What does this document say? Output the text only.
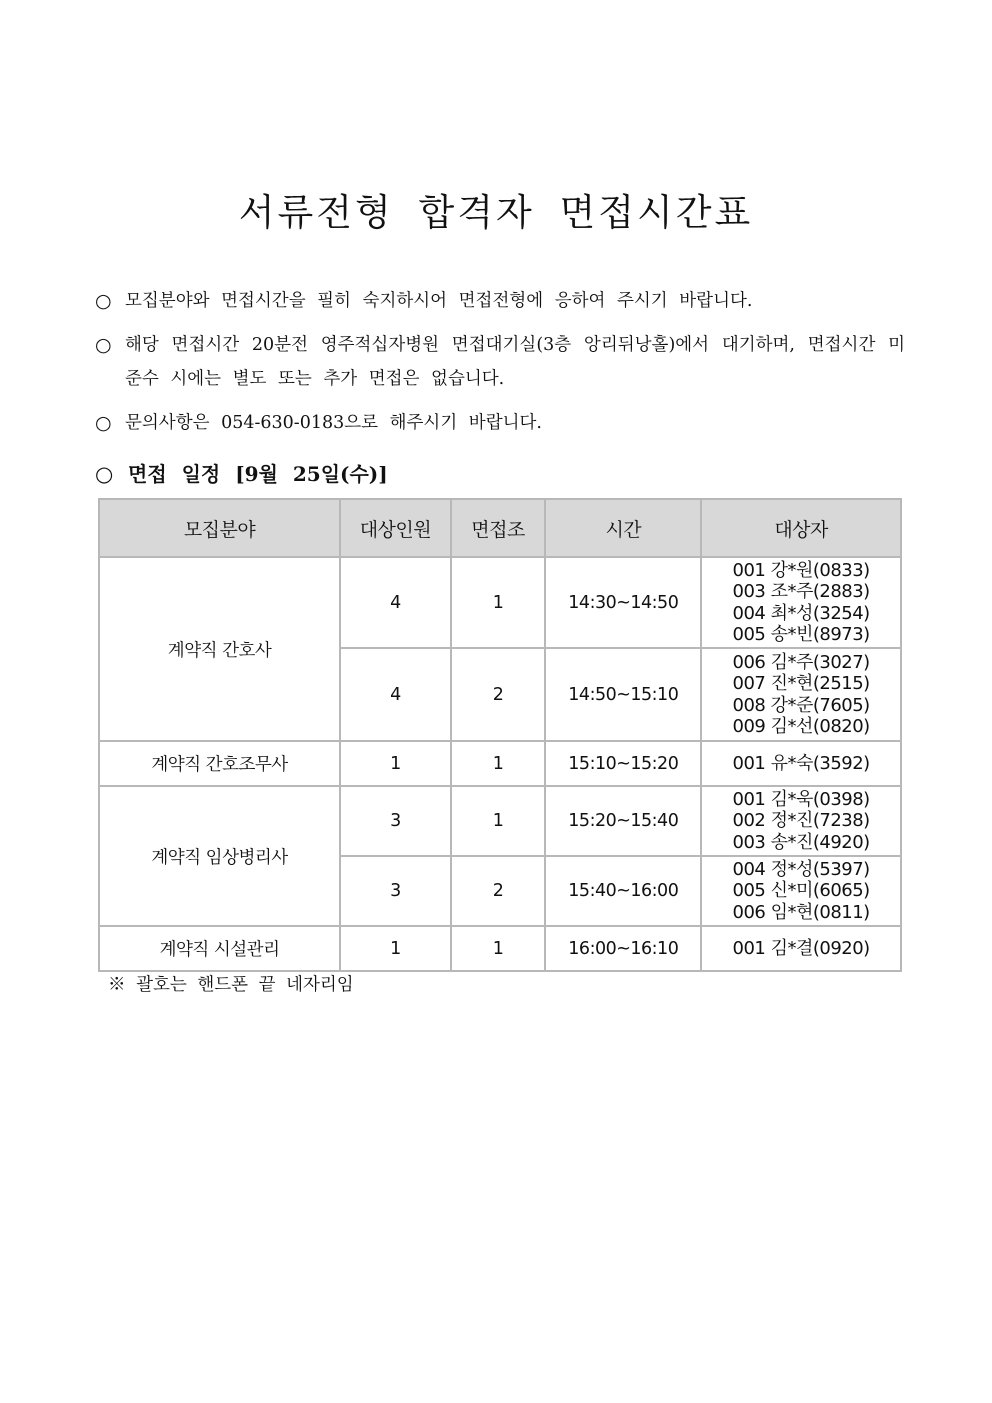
서류전형 합격자 면접시간표
○ 모집분야와 면접시간을 필히 숙지하시어 면접전형에 응하여 주시기 바랍니다.
○ 해당 면접시간 20분전 영주적십자병원 면접대기실(3층 앙리뒤낭홀)에서 대기하며, 면접시간 미준수 시에는 별도 또는 추가 면접은 없습니다.
○ 문의사항은 054-630-0183으로 해주시기 바랍니다.
○ 면접 일정 [9월 25일(수)]
모집분야	대상인원	면접조	시간	대상자
계약직 간호사	4	1	14:30~14:50	001 강*원(0833)
003 조*주(2883)
004 최*성(3254)
005 송*빈(8973)

	4	2	14:50~15:10	006 김*주(3027)
007 진*현(2515)
008 강*준(7605)
009 김*선(0820)

계약직 간호조무사	1	1	15:10~15:20	001 유*숙(3592)

계약직 임상병리사	3	1	15:20~15:40	001 김*욱(0398)
002 정*진(7238)
003 송*진(4920)

	3	2	15:40~16:00	004 정*성(5397)
005 신*미(6065)
006 임*현(0811)

계약직 시설관리	1	1	16:00~16:10	001 김*결(0920)
※ 괄호는 핸드폰 끝 네자리임
